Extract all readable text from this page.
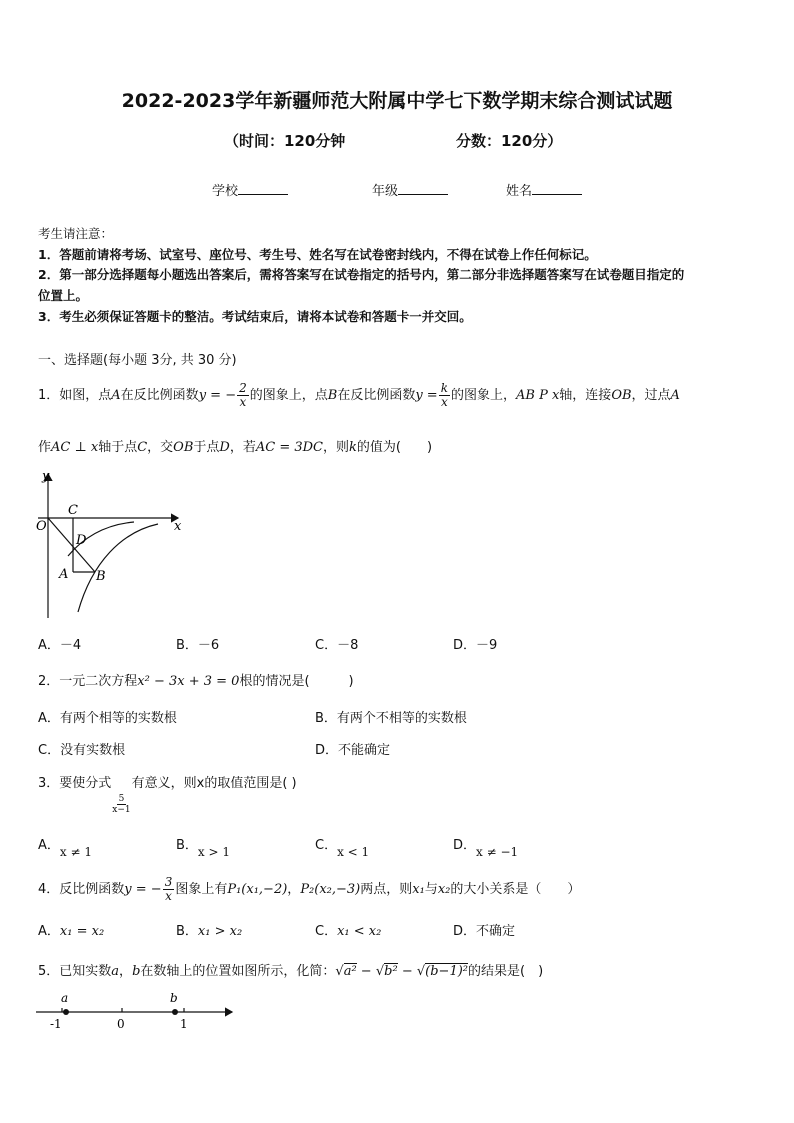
2022-2023学年新疆师范大附属中学七下数学期末综合测试试题
（时间：120分钟	分数：120分）
学校	年级	姓名
考生请注意：
1．答题前请将考场、试室号、座位号、考生号、姓名写在试卷密封线内，不得在试卷上作任何标记。
2．第一部分选择题每小题选出答案后，需将答案写在试卷指定的括号内，第二部分非选择题答案写在试卷题目指定的
位置上。
3．考生必须保证答题卡的整洁。考试结束后，请将本试卷和答题卡一并交回。
一、选择题(每小题 3分, 共 30 分)
1．如图，点A在反比例函数y = − $\frac{2}{x}$ 的图象上，点B在反比例函数$y = \frac{k}{x}$ 的图象上，AB P x轴，连接OB，过点A
作AC ⊥ x轴于点C，交OB于点D，若AC = 3DC，则k的值为(　　)
y
x
O
C
D
A B
A．－4	B．－6	C．－8	D．－9
2．一元二次方程x² − 3x + 3 = 0根的情况是(　　　)
A．有两个相等的实数根	B．有两个不相等的实数根
C．没有实数根	D．不能确定
3．要使分式
$\frac{5}{x-1}$
有意义，则x的取值范围是( )
A．x ≠ 1	B．x > 1	C．x < 1	D．x ≠ −1
4．反比例函数y = − $\frac{3}{x}$ 图象上有P₁(x₁,−2)，P₂(x₂,−3)两点，则x₁与x₂的大小关系是（　　）
A．x₁ = x₂	B．x₁ > x₂	C．x₁ < x₂	D．不确定
5．已知实数a，b在数轴上的位置如图所示，化简：√a² − √b² − √(b−1)²的结果是(　)
a	b
-1	0	1
